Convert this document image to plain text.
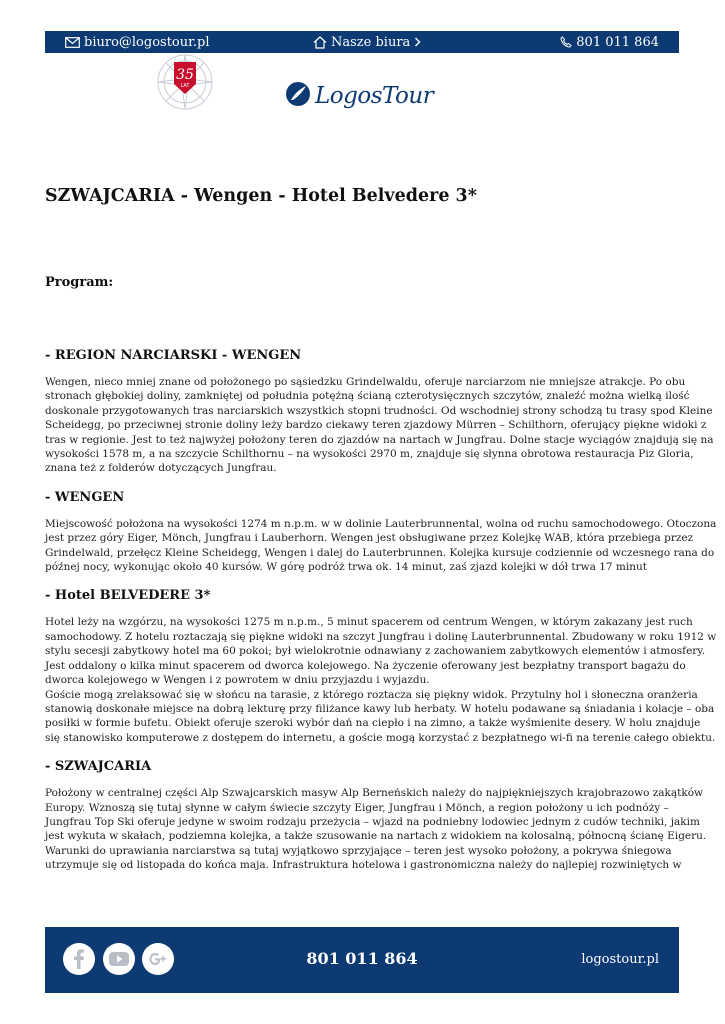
biuro@logostour.pl	Nasze biura	801 011 864
35
LAT	LogosTour
SZWAJCARIA - Wengen - Hotel Belvedere 3*
Program:
- REGION NARCIARSKI - WENGEN

Wengen, nieco mniej znane od położonego po sąsiedzku Grindelwaldu, oferuje narciarzom nie mniejsze atrakcje. Po obu
stronach głębokiej doliny, zamkniętej od południa potężną ścianą czterotysięcznych szczytów, znaleźć można wielką ilość
doskonale przygotowanych tras narciarskich wszystkich stopni trudności. Od wschodniej strony schodzą tu trasy spod Kleine
Scheidegg, po przeciwnej stronie doliny leży bardzo ciekawy teren zjazdowy Mürren – Schilthorn, oferujący piękne widoki z
tras w regionie. Jest to też najwyżej położony teren do zjazdów na nartach w Jungfrau. Dolne stacje wyciągów znajdują się na
wysokości 1578 m, a na szczycie Schilthornu – na wysokości 2970 m, znajduje się słynna obrotowa restauracja Piz Gloria,
znana też z folderów dotyczących Jungfrau.

- WENGEN

Miejscowość położona na wysokości 1274 m n.p.m. w w dolinie Lauterbrunnental, wolna od ruchu samochodowego. Otoczona
jest przez góry Eiger, Mönch, Jungfrau i Lauberhorn. Wengen jest obsługiwane przez Kolejkę WAB, która przebiega przez
Grindelwald, przełęcz Kleine Scheidegg, Wengen i dalej do Lauterbrunnen. Kolejka kursuje codziennie od wczesnego rana do
późnej nocy, wykonując około 40 kursów. W górę podróż trwa ok. 14 minut, zaś zjazd kolejki w dół trwa 17 minut

- Hotel BELVEDERE 3*

Hotel leży na wzgórzu, na wysokości 1275 m n.p.m., 5 minut spacerem od centrum Wengen, w którym zakazany jest ruch
samochodowy. Z hotelu roztaczają się piękne widoki na szczyt Jungfrau i dolinę Lauterbrunnental. Zbudowany w roku 1912 w
stylu secesji zabytkowy hotel ma 60 pokoi; był wielokrotnie odnawiany z zachowaniem zabytkowych elementów i atmosfery.
Jest oddalony o kilka minut spacerem od dworca kolejowego. Na życzenie oferowany jest bezpłatny transport bagażu do
dworca kolejowego w Wengen i z powrotem w dniu przyjazdu i wyjazdu.
Goście mogą zrelaksować się w słońcu na tarasie, z którego roztacza się piękny widok. Przytulny hol i słoneczna oranżeria
stanowią doskonałe miejsce na dobrą lekturę przy filiżance kawy lub herbaty. W hotelu podawane są śniadania i kolacje – oba
posiłki w formie bufetu. Obiekt oferuje szeroki wybór dań na ciepło i na zimno, a także wyśmienite desery. W holu znajduje
się stanowisko komputerowe z dostępem do internetu, a goście mogą korzystać z bezpłatnego wi-fi na terenie całego obiektu.

- SZWAJCARIA

Położony w centralnej części Alp Szwajcarskich masyw Alp Berneńskich należy do najpiękniejszych krajobrazowo zakątków
Europy. Wznoszą się tutaj słynne w całym świecie szczyty Eiger, Jungfrau i Mönch, a region położony u ich podnóży –
Jungfrau Top Ski oferuje jedyne w swoim rodzaju przeżycia – wjazd na podniebny lodowiec jednym z cudów techniki, jakim
jest wykuta w skałach, podziemna kolejka, a także szusowanie na nartach z widokiem na kolosalną, północną ścianę Eigeru.
Warunki do uprawiania narciarstwa są tutaj wyjątkowo sprzyjające – teren jest wysoko położony, a pokrywa śniegowa
utrzymuje się od listopada do końca maja. Infrastruktura hotelowa i gastronomiczna należy do najlepiej rozwiniętych w

801 011 864	logostour.pl
